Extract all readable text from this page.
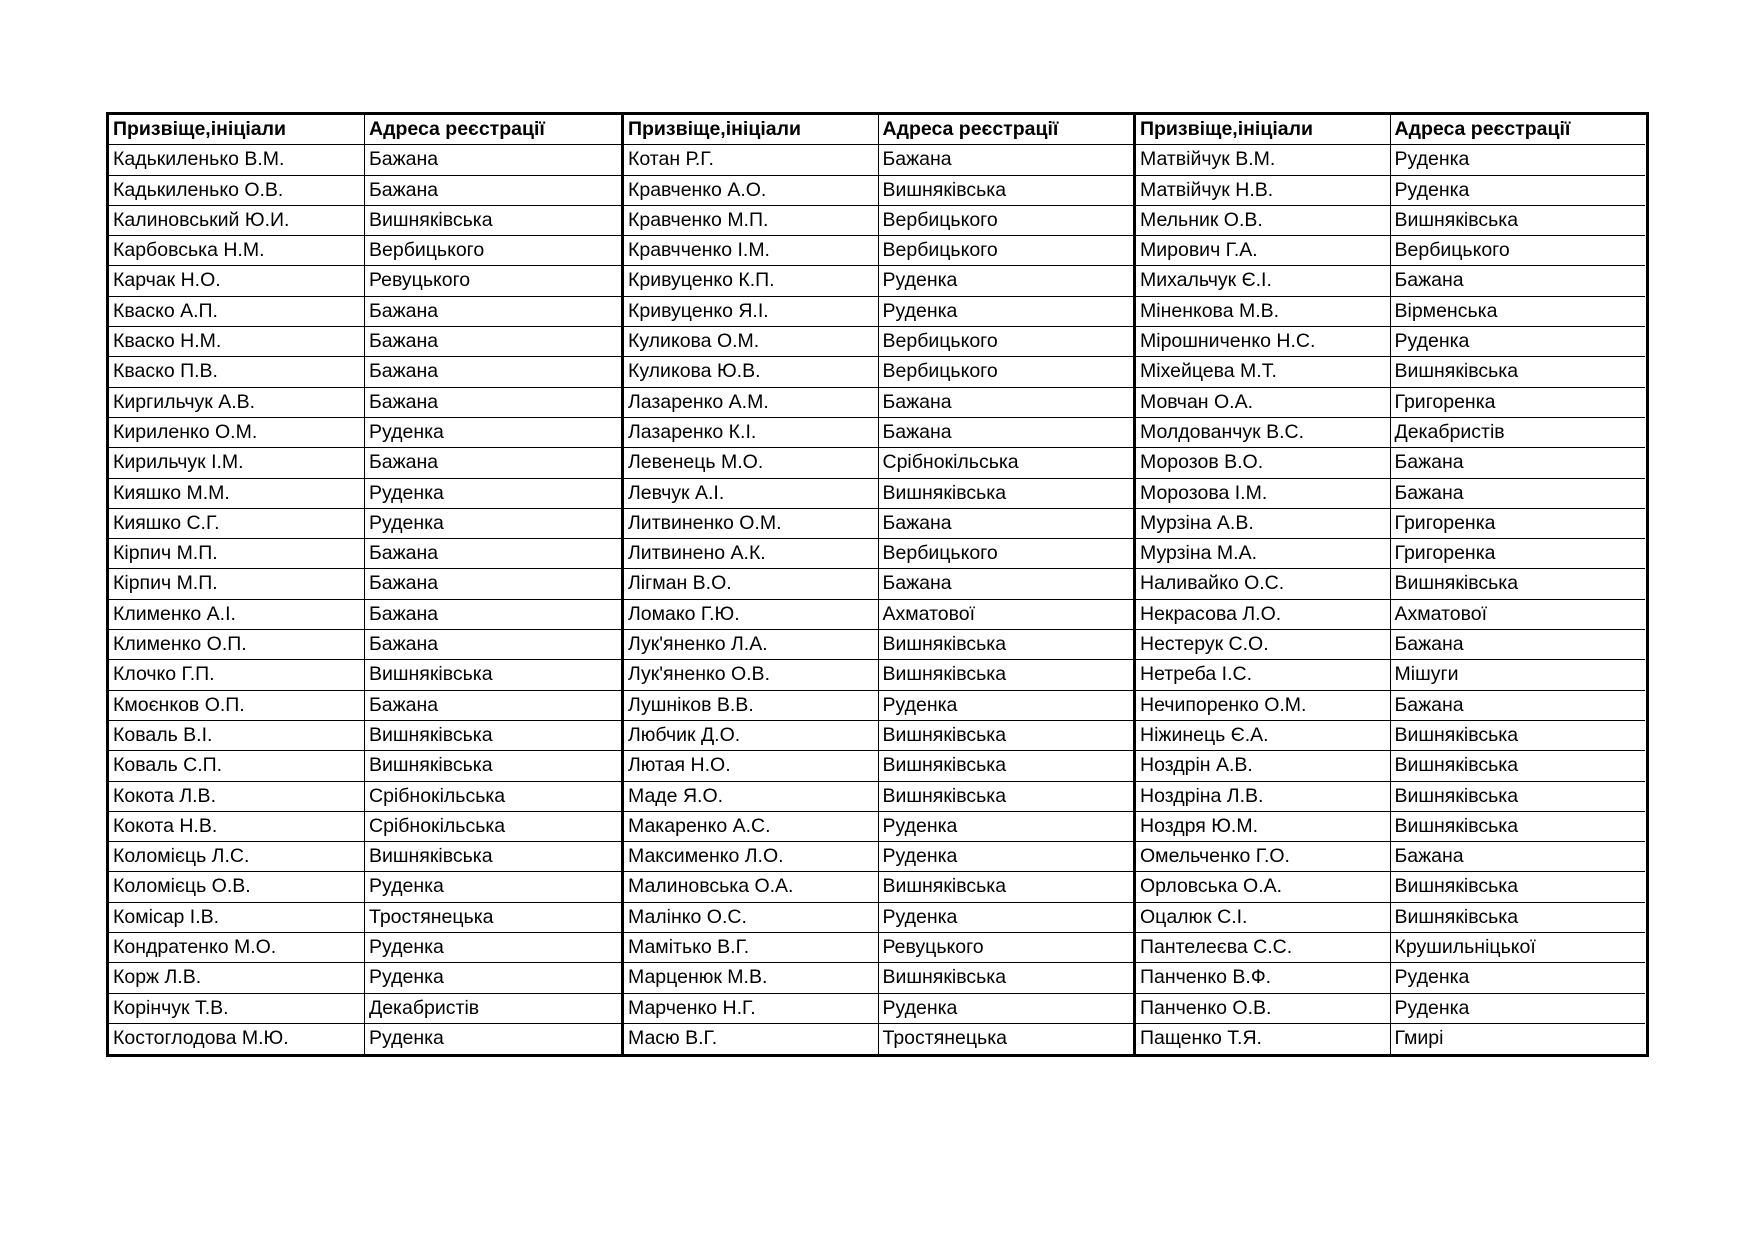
Призвіще,ініціали	Адреса реєстрації
Кадькиленько В.М.	Бажана
Кадькиленько О.В.	Бажана
Калиновський Ю.И.	Вишняківська
Карбовська Н.М.	Вербицького
Карчак Н.О.	Ревуцького
Кваско А.П.	Бажана
Кваско Н.М.	Бажана
Кваско П.В.	Бажана
Киргильчук А.В.	Бажана
Кириленко О.М.	Руденка
Кирильчук І.М.	Бажана
Кияшко М.М.	Руденка
Кияшко С.Г.	Руденка
Кірпич М.П.	Бажана
Кірпич М.П.	Бажана
Клименко А.І.	Бажана
Клименко О.П.	Бажана
Клочко Г.П.	Вишняківська
Кмоєнков О.П.	Бажана
Коваль В.І.	Вишняківська
Коваль С.П.	Вишняківська
Кокота Л.В.	Срібнокільська
Кокота Н.В.	Срібнокільська
Коломієць Л.С.	Вишняківська
Коломієць О.В.	Руденка
Комісар І.В.	Тростянецька
Кондратенко М.О.	Руденка
Корж Л.В.	Руденка
Корінчук Т.В.	Декабристів
Костоглодова М.Ю.	Руденка
Призвіще,ініціали	Адреса реєстрації
Котан Р.Г.	Бажана
Кравченко А.О.	Вишняківська
Кравченко М.П.	Вербицького
Кравчченко І.М.	Вербицького
Кривуценко К.П.	Руденка
Кривуценко Я.І.	Руденка
Куликова О.М.	Вербицького
Куликова Ю.В.	Вербицького
Лазаренко А.М.	Бажана
Лазаренко К.І.	Бажана
Левенець М.О.	Срібнокільська
Левчук А.І.	Вишняківська
Литвиненко О.М.	Бажана
Литвинено А.К.	Вербицького
Лігман В.О.	Бажана
Ломако Г.Ю.	Ахматової
Лук'яненко Л.А.	Вишняківська
Лук'яненко О.В.	Вишняківська
Лушніков В.В.	Руденка
Любчик Д.О.	Вишняківська
Лютая Н.О.	Вишняківська
Маде Я.О.	Вишняківська
Макаренко А.С.	Руденка
Максименко Л.О.	Руденка
Малиновська О.А.	Вишняківська
Малінко О.С.	Руденка
Мамітько В.Г.	Ревуцького
Марценюк М.В.	Вишняківська
Марченко Н.Г.	Руденка
Масю В.Г.	Тростянецька
Призвіще,ініціали	Адреса реєстрації
Матвійчук В.М.	Руденка
Матвійчук Н.В.	Руденка
Мельник О.В.	Вишняківська
Мирович Г.А.	Вербицького
Михальчук Є.І.	Бажана
Міненкова М.В.	Вірменська
Мірошниченко Н.С.	Руденка
Міхейцева М.Т.	Вишняківська
Мовчан О.А.	Григоренка
Молдованчук В.С.	Декабристів
Морозов В.О.	Бажана
Морозова І.М.	Бажана
Мурзіна А.В.	Григоренка
Мурзіна М.А.	Григоренка
Наливайко О.С.	Вишняківська
Некрасова Л.О.	Ахматової
Нестерук С.О.	Бажана
Нетреба І.С.	Мішуги
Нечипоренко О.М.	Бажана
Ніжинець Є.А.	Вишняківська
Ноздрін А.В.	Вишняківська
Ноздріна Л.В.	Вишняківська
Ноздря Ю.М.	Вишняківська
Омельченко Г.О.	Бажана
Орловська О.А.	Вишняківська
Оцалюк С.І.	Вишняківська
Пантелеєва С.С.	Крушильніцької
Панченко В.Ф.	Руденка
Панченко О.В.	Руденка
Пащенко Т.Я.	Гмирі
